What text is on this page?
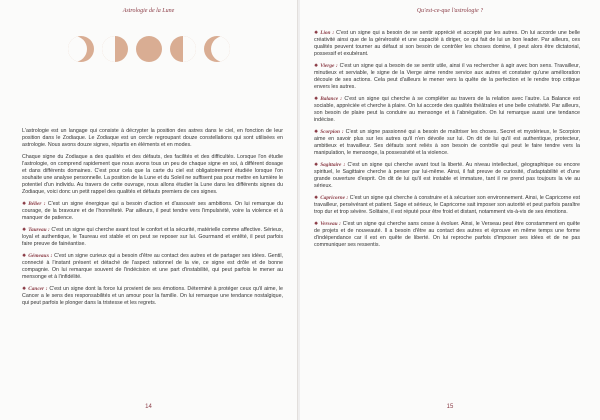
Astrologie de la Lune

L'astrologie est un langage qui consiste à décrypter la position des astres dans le ciel, en fonction de leur position dans le Zodiaque. Le Zodiaque est un cercle regroupant douze constellations qui sont utilisées en astrologie. Nous avons douze signes, répartis en éléments et en modes.

Chaque signe du Zodiaque a des qualités et des défauts, des facilités et des difficultés. Lorsque l'on étudie l'astrologie, on comprend rapidement que nous avons tous un peu de chaque signe en soi, à différent dosage et dans différents domaines. C'est pour cela que la carte du ciel est obligatoirement étudiée lorsque l'on souhaite une analyse personnelle. La position de la Lune et du Soleil ne suffisent pas pour mettre en lumière le potentiel d'un individu. Au travers de cette ouvrage, nous allons étudier la Lune dans les différents signes du Zodiaque, voici donc un petit rappel des qualités et défauts premiers de ces signes.

✹ Bélier : C'est un signe énergique qui a besoin d'action et d'assouvir ses ambitions. On lui remarque du courage, de la bravoure et de l'honnêteté. Par ailleurs, il peut tendre vers l'impulsivité, voire la violence et à manquer de patience.

✹ Taureau : C'est un signe qui cherche avant tout le confort et la sécurité, matérielle comme affective. Sérieux, loyal et authentique, le Taureau est stable et on peut se reposer sur lui. Gourmand et entêté, il peut parfois faire preuve de fainéantise.

✹ Gémeaux : C'est un signe curieux qui a besoin d'être au contact des autres et de partager ses idées. Gentil, connecté à l'instant présent et détaché de l'aspect rationnel de la vie, ce signe est drôle et de bonne compagnie. On lui remarque souvent de l'indécision et une part d'instabilité, qui peut parfois le mener au mensonge et à l'infidélité.

✹ Cancer : C'est un signe dont la force lui provient de ses émotions. Déterminé à protéger ceux qu'il aime, le Cancer a le sens des responsabilités et un amour pour la famille. On lui remarque une tendance nostalgique, qui peut parfois le plonger dans la tristesse et les regrets.

14
Qu'est-ce-que l'astrologie ?

✹ Lion : C'est un signe qui a besoin de se sentir apprécié et accepté par les autres. On lui accorde une belle créativité ainsi que de la générosité et une capacité à diriger, ce qui fait de lui un bon leader. Par ailleurs, ces qualités peuvent tourner au défaut si son besoin de contrôler les choses domine, il peut alors être dictatorial, possessif et exubérant.

✹ Vierge : C'est un signe qui a besoin de se sentir utile, ainsi il va rechercher à agir avec bon sens. Travailleur, minutieux et serviable, le signe de la Vierge aime rendre service aux autres et constater qu'une amélioration découle de ses actions. Cela peut d'ailleurs le mener vers la quête de la perfection et le rendre trop critique envers les autres.

✹ Balance : C'est un signe qui cherche à se compléter au travers de la relation avec l'autre. La Balance est sociable, appréciée et cherche à plaire. On lui accorde des qualités théâtrales et une belle créativité. Par ailleurs, son besoin de plaire peut la conduire au mensonge et à l'abnégation. On lui remarque aussi une tendance indécise.

✹ Scorpion : C'est un signe passionné qui a besoin de maîtriser les choses. Secret et mystérieux, le Scorpion aime en savoir plus sur les autres qu'il n'en dévoile sur lui. On dit de lui qu'il est authentique, protecteur, ambitieux et travailleur. Ses défauts sont reliés à son besoin de contrôle qui peut le faire tendre vers la manipulation, le mensonge, la possessivité et la violence.

✹ Sagittaire : C'est un signe qui cherche avant tout la liberté. Au niveau intellectuel, géographique ou encore spirituel, le Sagittaire cherche à penser par lui-même. Ainsi, il fait preuve de curiosité, d'adaptabilité et d'une grande ouverture d'esprit. On dit de lui qu'il est instable et immature, tant il ne prend pas toujours la vie au sérieux.

✹ Capricorne : C'est un signe qui cherche à construire et à sécuriser son environnement. Ainsi, le Capricorne est travailleur, persévérant et patient. Sage et sérieux, le Capricorne sait imposer son autorité et peut parfois paraître trop dur et trop sévère. Solitaire, il est réputé pour être froid et distant, notamment vis-à-vis de ses émotions.

✹ Verseau : C'est un signe qui cherche sans cesse à évoluer. Ainsi, le Verseau peut être constamment en quête de projets et de nouveauté. Il a besoin d'être au contact des autres et éprouve en même temps une forme d'indépendance car il est en quête de liberté. On lui reproche parfois d'imposer ses idées et de ne pas communiquer ses ressentis.

15
